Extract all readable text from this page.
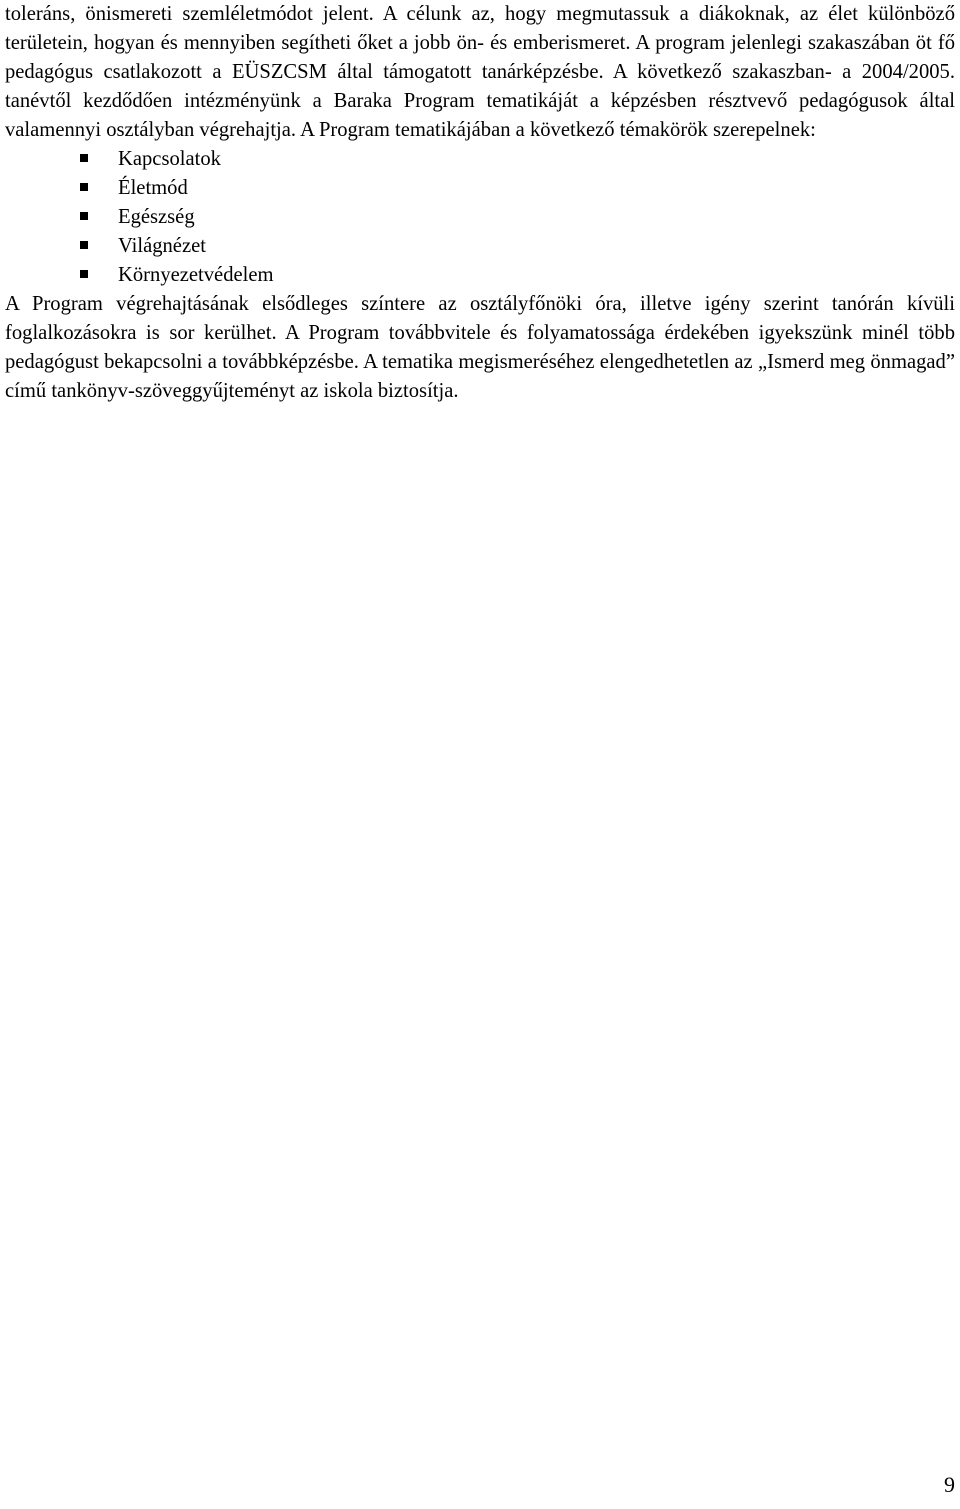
toleráns, önismereti szemléletmódot jelent. A célunk az, hogy megmutassuk a diákoknak, az élet különböző területein, hogyan és mennyiben segítheti őket a jobb ön- és emberismeret. A program jelenlegi szakaszában öt fő pedagógus csatlakozott a EÜSZCSM által támogatott tanárképzésbe. A következő szakaszban- a 2004/2005. tanévtől kezdődően intézményünk a Baraka Program tematikáját a képzésben résztvevő pedagógusok által valamennyi osztályban végrehajtja. A Program tematikájában a következő témakörök szerepelnek:

Kapcsolatok
Életmód
Egészség
Világnézet
Környezetvédelem

A Program végrehajtásának elsődleges színtere az osztályfőnöki óra, illetve igény szerint tanórán kívüli foglalkozásokra is sor kerülhet. A Program továbbvitele és folyamatossága érdekében igyekszünk minél több pedagógust bekapcsolni a továbbképzésbe. A tematika megismeréséhez elengedhetetlen az „Ismerd meg önmagad” című tankönyv-szöveggyűjteményt az iskola biztosítja.

9
